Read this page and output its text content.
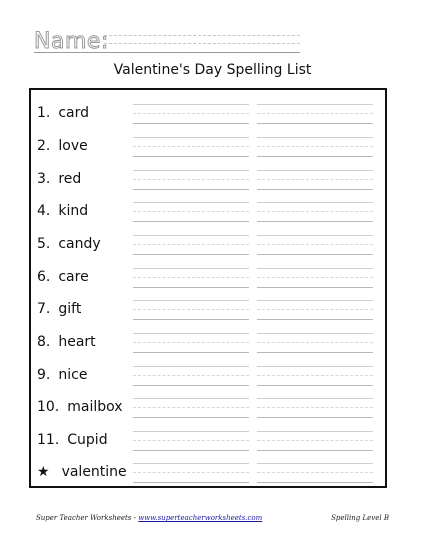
Name:
Valentine's Day Spelling List
1. card
2. love
3. red
4. kind
5. candy
6. care
7. gift
8. heart
9. nice
10. mailbox
11. Cupid
★ valentine
Super Teacher Worksheets - www.superteacherworksheets.com	Spelling Level B
